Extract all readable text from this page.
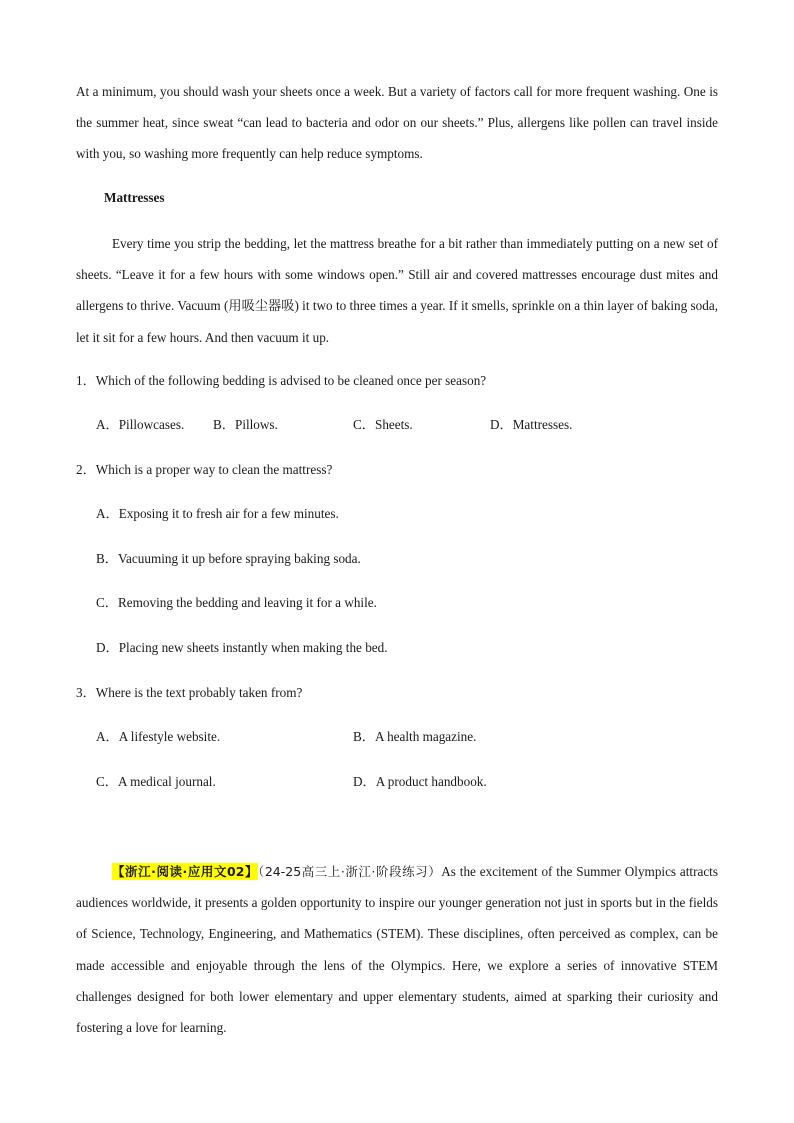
At a minimum, you should wash your sheets once a week. But a variety of factors call for more frequent washing. One is the summer heat, since sweat “can lead to bacteria and odor on our sheets.” Plus, allergens like pollen can travel inside with you, so washing more frequently can help reduce symptoms.

Mattresses

Every time you strip the bedding, let the mattress breathe for a bit rather than immediately putting on a new set of sheets. “Leave it for a few hours with some windows open.” Still air and covered mattresses encourage dust mites and allergens to thrive. Vacuum (用吸尘器吸) it two to three times a year. If it smells, sprinkle on a thin layer of baking soda, let it sit for a few hours. And then vacuum it up.

1．Which of the following bedding is advised to be cleaned once per season?

A．Pillowcases. B．Pillows.	C．Sheets.	D．Mattresses.

2．Which is a proper way to clean the mattress?

A．Exposing it to fresh air for a few minutes.

B．Vacuuming it up before spraying baking soda.

C．Removing the bedding and leaving it for a while.

D．Placing new sheets instantly when making the bed.

3．Where is the text probably taken from?

A．A lifestyle website.	B．A health magazine.

C．A medical journal.	D．A product handbook.

【浙江·阅读·应用文02】（24-25高三上·浙江·阶段练习）As the excitement of the Summer Olympics attracts audiences worldwide, it presents a golden opportunity to inspire our younger generation not just in sports but in the fields of Science, Technology, Engineering, and Mathematics (STEM). These disciplines, often perceived as complex, can be made accessible and enjoyable through the lens of the Olympics. Here, we explore a series of innovative STEM challenges designed for both lower elementary and upper elementary students, aimed at sparking their curiosity and fostering a love for learning.
